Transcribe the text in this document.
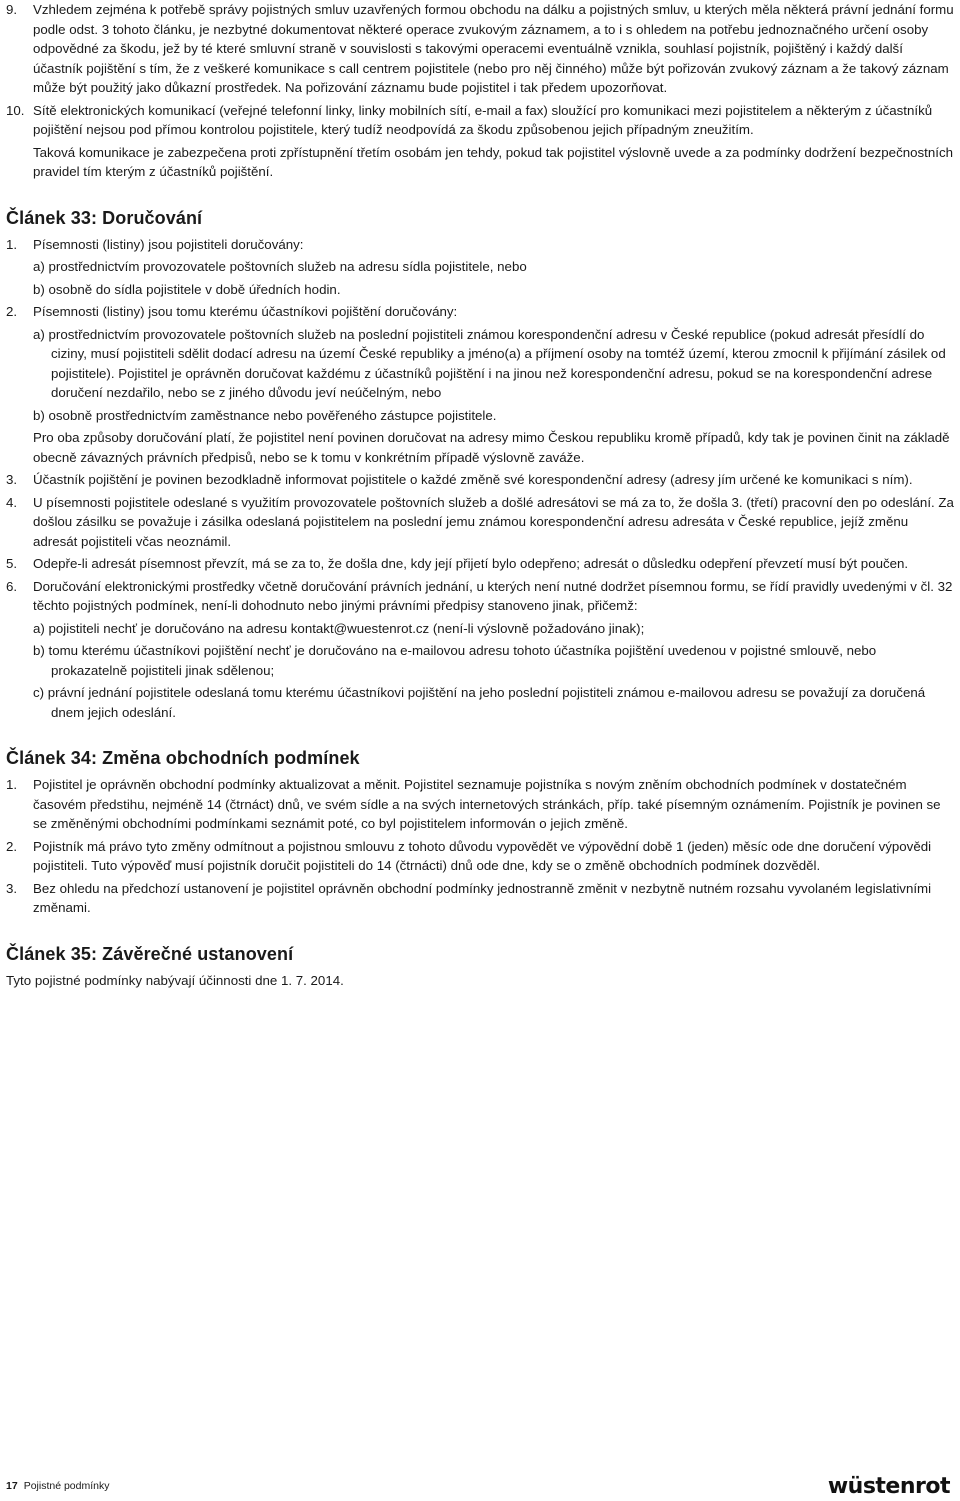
9. Vzhledem zejména k potřebě správy pojistných smluv uzavřených formou obchodu na dálku a pojistných smluv, u kterých měla některá právní jednání formu podle odst. 3 tohoto článku, je nezbytné dokumentovat některé operace zvukovým záznamem, a to i s ohledem na potřebu jednoznačného určení osoby odpovědné za škodu, jež by té které smluvní straně v souvislosti s takovými operacemi eventuálně vznikla, souhlasí pojistník, pojištěný i každý další účastník pojištění s tím, že z veškeré komunikace s call centrem pojistitele (nebo pro něj činného) může být pořizován zvukový záznam a že takový záznam může být použitý jako důkazní prostředek. Na pořizování záznamu bude pojistitel i tak předem upozorňovat.

10. Sítě elektronických komunikací (veřejné telefonní linky, linky mobilních sítí, e-mail a fax) sloužící pro komunikaci mezi pojistitelem a některým z účastníků pojištění nejsou pod přímou kontrolou pojistitele, který tudíž neodpovídá za škodu způsobenou jejich případným zneužitím.

Taková komunikace je zabezpečena proti zpřístupnění třetím osobám jen tehdy, pokud tak pojistitel výslovně uvede a za podmínky dodržení bezpečnostních pravidel tím kterým z účastníků pojištění.

Článek 33: Doručování
1. Písemnosti (listiny) jsou pojistiteli doručovány:

a) prostřednictvím provozovatele poštovních služeb na adresu sídla pojistitele, nebo

b) osobně do sídla pojistitele v době úředních hodin.

2. Písemnosti (listiny) jsou tomu kterému účastníkovi pojištění doručovány:

a) prostřednictvím provozovatele poštovních služeb na poslední pojistiteli známou korespondenční adresu v České republice (pokud adresát přesídlí do ciziny, musí pojistiteli sdělit dodací adresu na území České republiky a jméno(a) a příjmení osoby na tomtéž území, kterou zmocnil k přijímání zásilek od pojistitele). Pojistitel je oprávněn doručovat každému z účastníků pojištění i na jinou než korespondenční adresu, pokud se na korespondenční adrese doručení nezdařilo, nebo se z jiného důvodu jeví neúčelným, nebo

b) osobně prostřednictvím zaměstnance nebo pověřeného zástupce pojistitele.

Pro oba způsoby doručování platí, že pojistitel není povinen doručovat na adresy mimo Českou republiku kromě případů, kdy tak je povinen činit na základě obecně závazných právních předpisů, nebo se k tomu v konkrétním případě výslovně zaváže.

3. Účastník pojištění je povinen bezodkladně informovat pojistitele o každé změně své korespondenční adresy (adresy jím určené ke komunikaci s ním).

4. U písemnosti pojistitele odeslané s využitím provozovatele poštovních služeb a došlé adresátovi se má za to, že došla 3. (třetí) pracovní den po odeslání. Za došlou zásilku se považuje i zásilka odeslaná pojistitelem na poslední jemu známou korespondenční adresu adresáta v České republice, jejíž změnu adresát pojistiteli včas neoznámil.

5. Odepře-li adresát písemnost převzít, má se za to, že došla dne, kdy její přijetí bylo odepřeno; adresát o důsledku odepření převzetí musí být poučen.

6. Doručování elektronickými prostředky včetně doručování právních jednání, u kterých není nutné dodržet písemnou formu, se řídí pravidly uvedenými v čl. 32 těchto pojistných podmínek, není-li dohodnuto nebo jinými právními předpisy stanoveno jinak, přičemž:

a) pojistiteli nechť je doručováno na adresu kontakt@wuestenrot.cz (není-li výslovně požadováno jinak);

b) tomu kterému účastníkovi pojištění nechť je doručováno na e-mailovou adresu tohoto účastníka pojištění uvedenou v pojistné smlouvě, nebo prokazatelně pojistiteli jinak sdělenou;

c) právní jednání pojistitele odeslaná tomu kterému účastníkovi pojištění na jeho poslední pojistiteli známou e-mailovou adresu se považují za doručená dnem jejich odeslání.

Článek 34: Změna obchodních podmínek
1. Pojistitel je oprávněn obchodní podmínky aktualizovat a měnit. Pojistitel seznamuje pojistníka s novým zněním obchodních podmínek v dostatečném časovém předstihu, nejméně 14 (čtrnáct) dnů, ve svém sídle a na svých internetových stránkách, příp. také písemným oznámením. Pojistník je povinen se se změněnými obchodními podmínkami seznámit poté, co byl pojistitelem informován o jejich změně.

2. Pojistník má právo tyto změny odmítnout a pojistnou smlouvu z tohoto důvodu vypovědět ve výpovědní době 1 (jeden) měsíc ode dne doručení výpovědi pojistiteli. Tuto výpověď musí pojistník doručit pojistiteli do 14 (čtrnácti) dnů ode dne, kdy se o změně obchodních podmínek dozvěděl.

3. Bez ohledu na předchozí ustanovení je pojistitel oprávněn obchodní podmínky jednostranně změnit v nezbytně nutném rozsahu vyvolaném legislativními změnami.

Článek 35: Závěrečné ustanovení

Tyto pojistné podmínky nabývají účinnosti dne 1. 7. 2014.

17 Pojistné podmínky	wüstenrot
